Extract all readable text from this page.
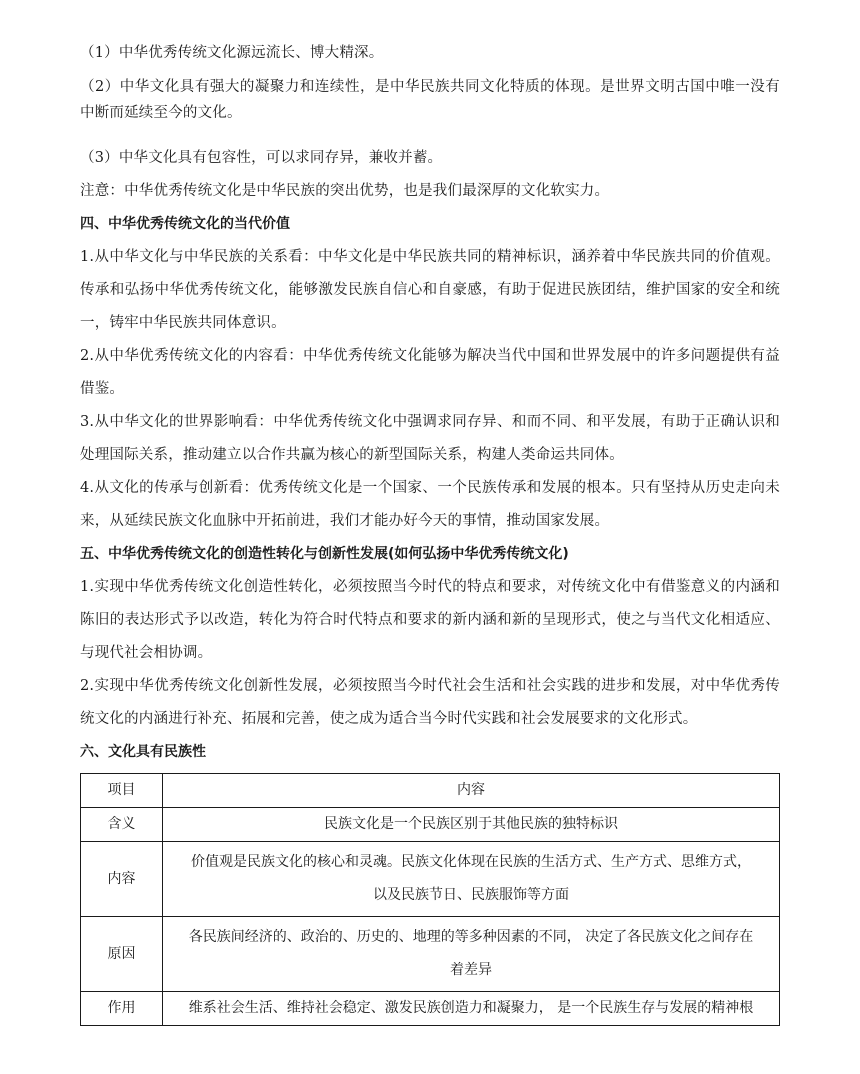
（1）中华优秀传统文化源远流长、博大精深。

（2）中华文化具有强大的凝聚力和连续性，是中华民族共同文化特质的体现。是世界文明古国中唯一没有中断而延续至今的文化。

（3）中华文化具有包容性，可以求同存异，兼收并蓄。

注意：中华优秀传统文化是中华民族的突出优势，也是我们最深厚的文化软实力。

四、中华优秀传统文化的当代价值

1.从中华文化与中华民族的关系看：中华文化是中华民族共同的精神标识，涵养着中华民族共同的价值观。传承和弘扬中华优秀传统文化，能够激发民族自信心和自豪感，有助于促进民族团结，维护国家的安全和统一，铸牢中华民族共同体意识。

2.从中华优秀传统文化的内容看：中华优秀传统文化能够为解决当代中国和世界发展中的许多问题提供有益借鉴。

3.从中华文化的世界影响看：中华优秀传统文化中强调求同存异、和而不同、和平发展，有助于正确认识和处理国际关系，推动建立以合作共赢为核心的新型国际关系，构建人类命运共同体。

4.从文化的传承与创新看：优秀传统文化是一个国家、一个民族传承和发展的根本。只有坚持从历史走向未来，从延续民族文化血脉中开拓前进，我们才能办好今天的事情，推动国家发展。

五、中华优秀传统文化的创造性转化与创新性发展(如何弘扬中华优秀传统文化)

1.实现中华优秀传统文化创造性转化，必须按照当今时代的特点和要求，对传统文化中有借鉴意义的内涵和陈旧的表达形式予以改造，转化为符合时代特点和要求的新内涵和新的呈现形式，使之与当代文化相适应、与现代社会相协调。

2.实现中华优秀传统文化创新性发展，必须按照当今时代社会生活和社会实践的进步和发展，对中华优秀传统文化的内涵进行补充、拓展和完善，使之成为适合当今时代实践和社会发展要求的文化形式。

六、文化具有民族性

项目	内容
含义	民族文化是一个民族区别于其他民族的独特标识

内容	价值观是民族文化的核心和灵魂。民族文化体现在民族的生活方式、生产方式、思维方式，
以及民族节日、民族服饰等方面

原因	各民族间经济的、政治的、历史的、地理的等多种因素的不同， 决定了各民族文化之间存在
着差异

作用	维系社会生活、维持社会稳定、激发民族创造力和凝聚力， 是一个民族生存与发展的精神根
